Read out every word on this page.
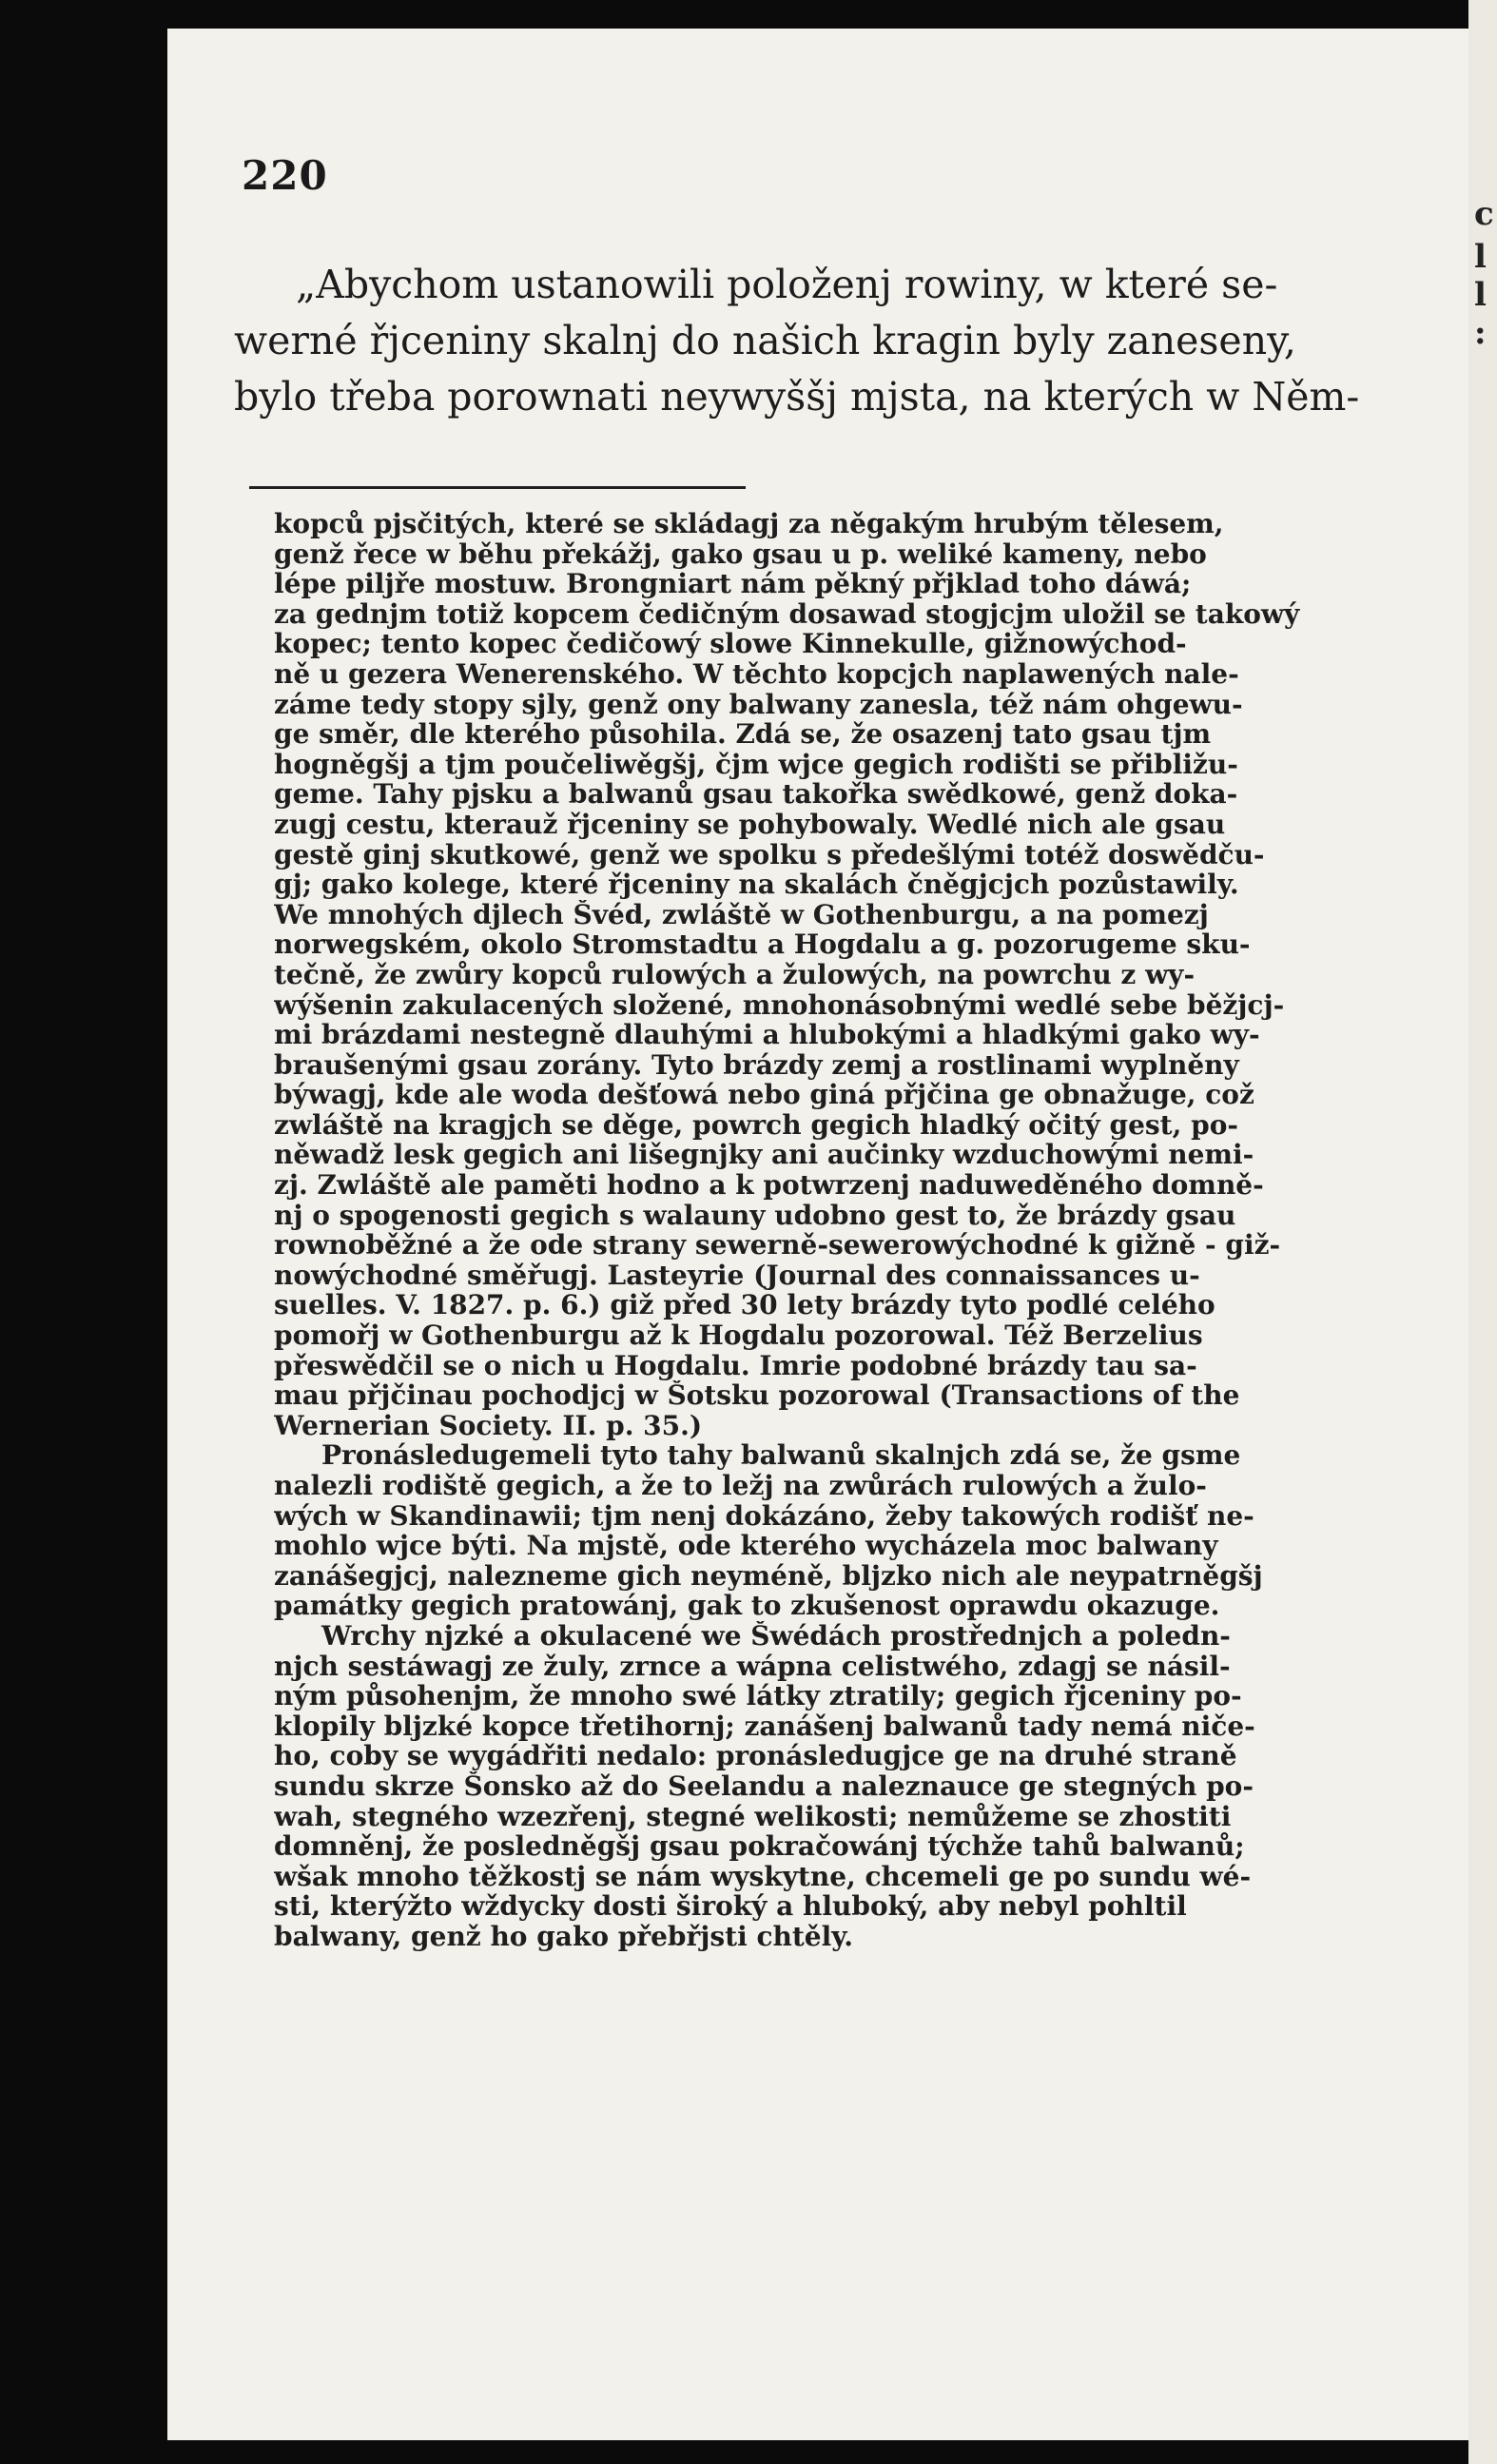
220

„Abychom ustanowili položenj rowiny, w které se-
werné řjceniny skalnj do našich kragin byly zaneseny,
bylo třeba porownati neywyššj mjsta, na kterých w Něm-

kopců pjsčitých, které se skládagj za něgakým hrubým tělesem,
genž řece w běhu překážj, gako gsau u p. weliké kameny, nebo
lépe piljře mostuw. Brongniart nám pěkný přjklad toho dáwá;
za gednjm totiž kopcem čedičným dosawad stogjcjm uložil se takowý
kopec; tento kopec čedičowý slowe Kinnekulle, gižnowýchod-
ně u gezera Wenerenského. W těchto kopcjch naplawených nale-
záme tedy stopy sjly, genž ony balwany zanesla, též nám ohgewu-
ge směr, dle kterého půsohila. Zdá se, že osazenj tato gsau tjm
hogněgšj a tjm poučeliwěgšj, čjm wjce gegich rodišti se přibližu-
geme. Tahy pjsku a balwanů gsau takořka swědkowé, genž doka-
zugj cestu, kterauž řjceniny se pohybowaly. Wedlé nich ale gsau
gestě ginj skutkowé, genž we spolku s předešlými totéž doswědču-
gj; gako kolege, které řjceniny na skalách čněgjcjch pozůstawily.
We mnohých djlech Švéd, zwláště w Gothenburgu, a na pomezj
norwegském, okolo Stromstadtu a Hogdalu a g. pozorugeme sku-
tečně, že zwůry kopců rulowých a žulowých, na powrchu z wy-
wýšenin zakulacených složené, mnohonásobnými wedlé sebe běžjcj-
mi brázdami nestegně dlauhými a hlubokými a hladkými gako wy-
braušenými gsau zorány. Tyto brázdy zemj a rostlinami wyplněny
býwagj, kde ale woda dešťowá nebo giná přjčina ge obnažuge, což
zwláště na kragjch se děge, powrch gegich hladký očitý gest, po-
něwadž lesk gegich ani lišegnjky ani aučinky wzduchowými nemi-
zj. Zwláště ale paměti hodno a k potwrzenj naduweděného domně-
nj o spogenosti gegich s walauny udobno gest to, že brázdy gsau
rownoběžné a že ode strany sewerně-sewerowýchodné k gižně - giž-
nowýchodné směřugj. Lasteyrie (Journal des connaissances u-
suelles. V. 1827. p. 6.) giž před 30 lety brázdy tyto podlé celého
pomořj w Gothenburgu až k Hogdalu pozorowal. Též Berzelius
přeswědčil se o nich u Hogdalu. Imrie podobné brázdy tau sa-
mau přjčinau pochodjcj w Šotsku pozorowal (Transactions of the
Wernerian Society. II. p. 35.)
Pronásledugemeli tyto tahy balwanů skalnjch zdá se, že gsme
nalezli rodiště gegich, a že to ležj na zwůrách rulowých a žulo-
wých w Skandinawii; tjm nenj dokázáno, žeby takowých rodišť ne-
mohlo wjce býti. Na mjstě, ode kterého wycházela moc balwany
zanášegjcj, nalezneme gich neyméně, blјzko nich ale neypatrněgšj
památky gegich pratowánj, gak to zkušenost oprawdu okazuge.
Wrchy njzké a okulacené we Šwédách prostřednjch a poledn-
njch sestáwagj ze žuly, zrnce a wápna celistwého, zdagj se násil-
ným půsohenjm, že mnoho swé látky ztratily; gegich řjceniny po-
klopily bljzké kopce třetihornj; zanášenj balwanů tady nemá niče-
ho, coby se wygádřiti nedalo: pronásledugjce ge na druhé straně
sundu skrze Šonsko až do Seelandu a naleznauce ge stegných po-
wah, stegného wzezřenj, stegné welikosti; nemůžeme se zhostiti
domněnj, že posledněgšj gsau pokračowánj týchže tahů balwanů;
wšak mnoho těžkostj se nám wyskytne, chcemeli ge po sundu wé-
sti, kterýžto wždycky dosti široký a hluboký, aby nebyl pohltil
balwany, genž ho gako přebřjsti chtěly.

c
l
l
:
